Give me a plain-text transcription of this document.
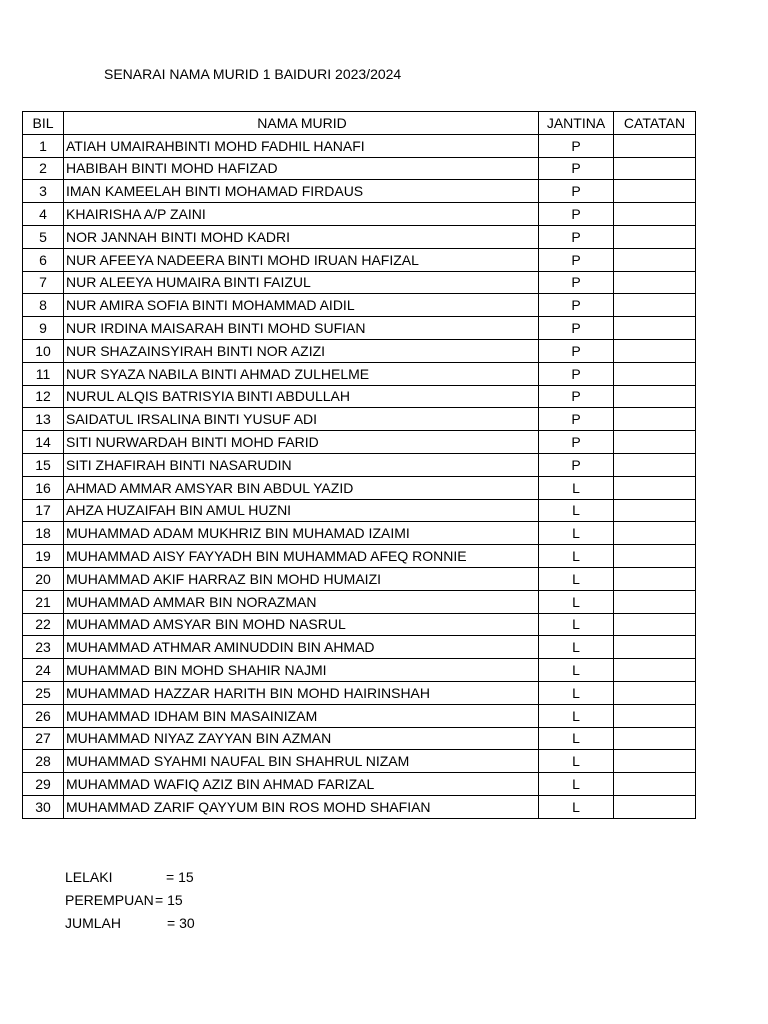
SENARAI NAMA MURID 1 BAIDURI 2023/2024
BIL	NAMA MURID	JANTINA	CATATAN
1	ATIAH UMAIRAHBINTI MOHD FADHIL HANAFI	P	
2	HABIBAH BINTI MOHD HAFIZAD	P	
3	IMAN KAMEELAH BINTI MOHAMAD FIRDAUS	P	
4	KHAIRISHA A/P ZAINI	P	
5	NOR JANNAH BINTI MOHD KADRI	P	
6	NUR AFEEYA NADEERA BINTI MOHD IRUAN HAFIZAL	P	
7	NUR ALEEYA HUMAIRA BINTI FAIZUL	P	
8	NUR AMIRA SOFIA BINTI MOHAMMAD AIDIL	P	
9	NUR IRDINA MAISARAH BINTI MOHD SUFIAN	P	
10	NUR SHAZAINSYIRAH BINTI NOR AZIZI	P	
11	NUR SYAZA NABILA BINTI AHMAD ZULHELME	P	
12	NURUL ALQIS BATRISYIA BINTI ABDULLAH	P	
13	SAIDATUL IRSALINA BINTI YUSUF ADI	P	
14	SITI NURWARDAH BINTI MOHD FARID	P	
15	SITI ZHAFIRAH BINTI NASARUDIN	P	
16	AHMAD AMMAR AMSYAR BIN ABDUL YAZID	L	
17	AHZA HUZAIFAH BIN AMUL HUZNI	L	
18	MUHAMMAD ADAM MUKHRIZ BIN MUHAMAD IZAIMI	L	
19	MUHAMMAD AISY FAYYADH BIN MUHAMMAD AFEQ RONNIE	L	
20	MUHAMMAD AKIF HARRAZ BIN MOHD HUMAIZI	L	
21	MUHAMMAD AMMAR BIN NORAZMAN	L	
22	MUHAMMAD AMSYAR BIN MOHD NASRUL	L	
23	MUHAMMAD ATHMAR AMINUDDIN BIN AHMAD	L	
24	MUHAMMAD BIN MOHD SHAHIR NAJMI	L	
25	MUHAMMAD HAZZAR HARITH BIN MOHD HAIRINSHAH	L	
26	MUHAMMAD IDHAM BIN MASAINIZAM	L	
27	MUHAMMAD NIYAZ ZAYYAN BIN AZMAN	L	
28	MUHAMMAD SYAHMI NAUFAL BIN SHAHRUL NIZAM	L	
29	MUHAMMAD WAFIQ AZIZ BIN AHMAD FARIZAL	L	
30	MUHAMMAD ZARIF QAYYUM BIN ROS MOHD SHAFIAN	L	
LELAKI	= 15
PEREMPUAN = 15
JUMLAH	= 30
